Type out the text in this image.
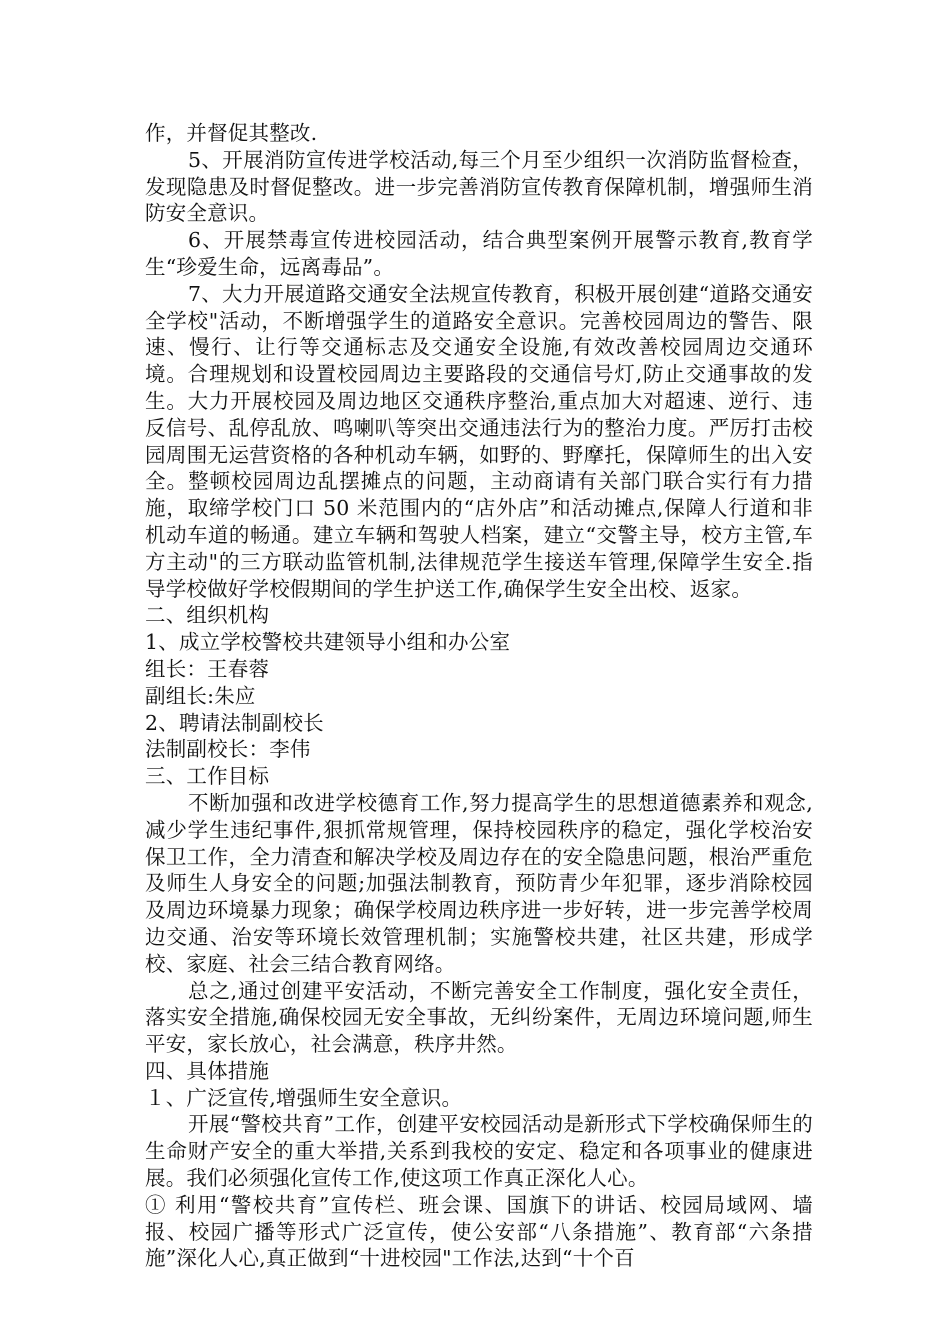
作，并督促其整改.

5、开展消防宣传进学校活动,每三个月至少组织一次消防监督检查，发现隐患及时督促整改。进一步完善消防宣传教育保障机制，增强师生消防安全意识。

6、开展禁毒宣传进校园活动，结合典型案例开展警示教育,教育学生“珍爱生命，远离毒品”。

7、大力开展道路交通安全法规宣传教育，积极开展创建“道路交通安全学校"活动，不断增强学生的道路安全意识。完善校园周边的警告、限速、慢行、让行等交通标志及交通安全设施,有效改善校园周边交通环境。合理规划和设置校园周边主要路段的交通信号灯,防止交通事故的发生。大力开展校园及周边地区交通秩序整治,重点加大对超速、逆行、违反信号、乱停乱放、鸣喇叭等突出交通违法行为的整治力度。严厉打击校园周围无运营资格的各种机动车辆，如野的、野摩托，保障师生的出入安全。整顿校园周边乱摆摊点的问题，主动商请有关部门联合实行有力措施，取缔学校门口 50 米范围内的“店外店”和活动摊点,保障人行道和非机动车道的畅通。建立车辆和驾驶人档案，建立“交警主导，校方主管,车方主动"的三方联动监管机制,法律规范学生接送车管理,保障学生安全.指导学校做好学校假期间的学生护送工作,确保学生安全出校、返家。

二、组织机构

1、成立学校警校共建领导小组和办公室

组长：王春蓉

副组长:朱应

2、聘请法制副校长

法制副校长：李伟

三、工作目标

不断加强和改进学校德育工作,努力提高学生的思想道德素养和观念,减少学生违纪事件,狠抓常规管理，保持校园秩序的稳定，强化学校治安保卫工作，全力清查和解决学校及周边存在的安全隐患问题，根治严重危及师生人身安全的问题;加强法制教育，预防青少年犯罪，逐步消除校园及周边环境暴力现象；确保学校周边秩序进一步好转，进一步完善学校周边交通、治安等环境长效管理机制；实施警校共建，社区共建，形成学校、家庭、社会三结合教育网络。

总之,通过创建平安活动，不断完善安全工作制度，强化安全责任，落实安全措施,确保校园无安全事故，无纠纷案件，无周边环境问题,师生平安，家长放心，社会满意，秩序井然。

四、具体措施

１、广泛宣传,增强师生安全意识。

开展“警校共育”工作，创建平安校园活动是新形式下学校确保师生的生命财产安全的重大举措,关系到我校的安定、稳定和各项事业的健康进展。我们必须强化宣传工作,使这项工作真正深化人心。

① 利用“警校共育”宣传栏、班会课、国旗下的讲话、校园局域网、墙报、校园广播等形式广泛宣传，使公安部“八条措施”、教育部“六条措施”深化人心,真正做到“十进校园"工作法,达到“十个百
